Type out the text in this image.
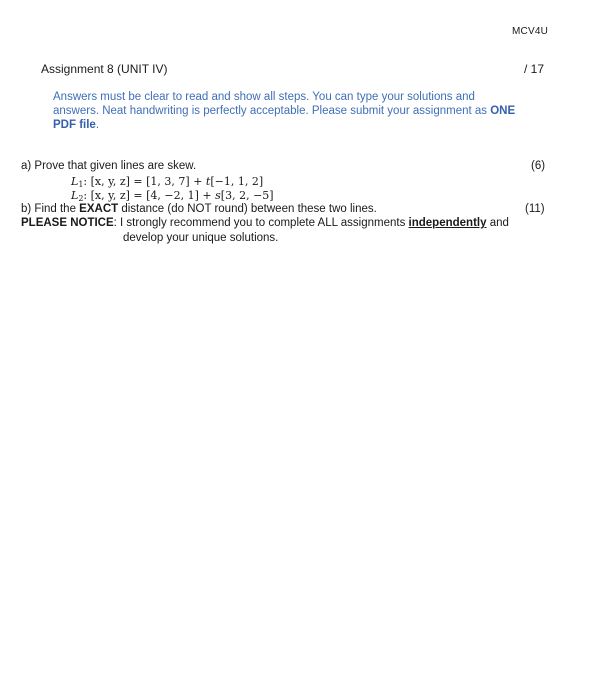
MCV4U
Assignment 8 (UNIT IV)	/ 17

Answers must be clear to read and show all steps. You can type your solutions and

answers. Neat handwriting is perfectly acceptable. Please submit your assignment as ONE

PDF file.

a) Prove that given lines are skew.	(6)
$L_1$: [x, y, z] = [1, 3, 7] + t[−1, 1, 2]
$L_2$: [x, y, z] = [4, −2, 1] + s[3, 2, −5]
b) Find the EXACT distance (do NOT round) between these two lines.	(11)
PLEASE NOTICE: I strongly recommend you to complete ALL assignments independently and
develop your unique solutions.
